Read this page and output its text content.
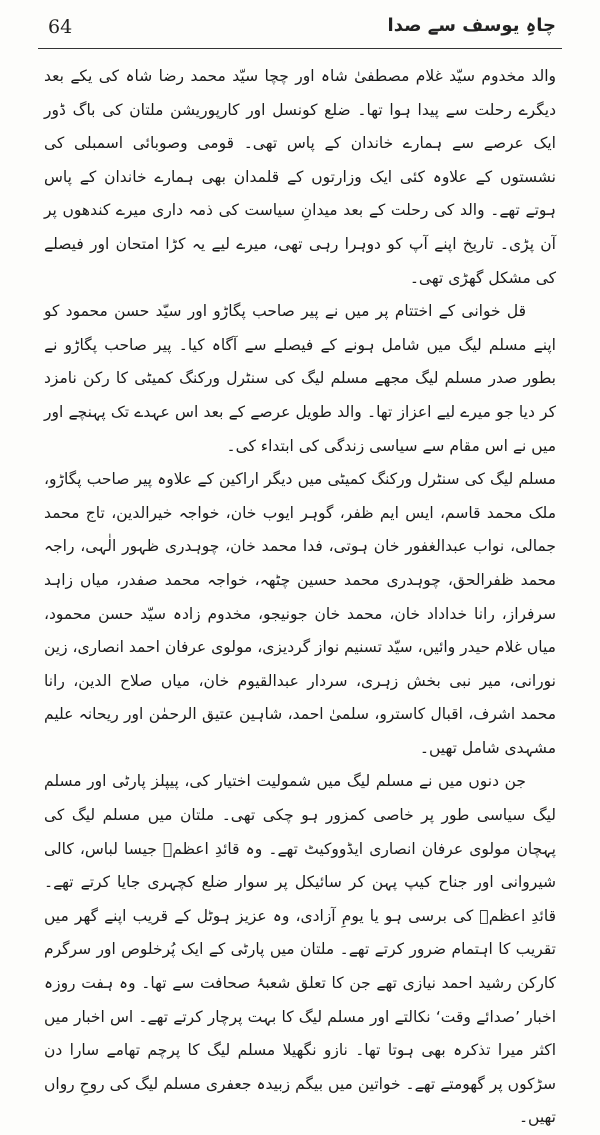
64	چاہِ یوسف سے صدا

والد مخدوم سیّد غلام مصطفیٰ شاہ اور چچا سیّد محمد رضا شاہ کی یکے بعد دیگرے رحلت سے پیدا ہوا تھا۔ ضلع کونسل اور کارپوریشن ملتان کی باگ ڈور ایک عرصے سے ہمارے خاندان کے پاس تھی۔ قومی وصوبائی اسمبلی کی نشستوں کے علاوہ کئی ایک وزارتوں کے قلمدان بھی ہمارے خاندان کے پاس ہوتے تھے۔ والد کی رحلت کے بعد میدانِ سیاست کی ذمہ داری میرے کندھوں پر آن پڑی۔ تاریخ اپنے آپ کو دوہرا رہی تھی، میرے لیے یہ کڑا امتحان اور فیصلے کی مشکل گھڑی تھی۔

قل خوانی کے اختتام پر میں نے پیر صاحب پگاڑو اور سیّد حسن محمود کو اپنے مسلم لیگ میں شامل ہونے کے فیصلے سے آگاہ کیا۔ پیر صاحب پگاڑو نے بطور صدر مسلم لیگ مجھے مسلم لیگ کی سنٹرل ورکنگ کمیٹی کا رکن نامزد کر دیا جو میرے لیے اعزاز تھا۔ والد طویل عرصے کے بعد اس عہدے تک پہنچے اور میں نے اس مقام سے سیاسی زندگی کی ابتداء کی۔

مسلم لیگ کی سنٹرل ورکنگ کمیٹی میں دیگر اراکین کے علاوہ پیر صاحب پگاڑو، ملک محمد قاسم، ایس ایم ظفر، گوہر ایوب خان، خواجہ خیرالدین، تاج محمد جمالی، نواب عبدالغفور خان ہوتی، فدا محمد خان، چوہدری ظہور الٰہی، راجہ محمد ظفرالحق، چوہدری محمد حسین چٹھہ، خواجہ محمد صفدر، میاں زاہد سرفراز، رانا خداداد خان، محمد خان جونیجو، مخدوم زادہ سیّد حسن محمود، میاں غلام حیدر وائیں، سیّد تسنیم نواز گردیزی، مولوی عرفان احمد انصاری، زین نورانی، میر نبی بخش زہری، سردار عبدالقیوم خان، میاں صلاح الدین، رانا محمد اشرف، اقبال کاسترو، سلمیٰ احمد، شاہین عتیق الرحمٰن اور ریحانہ علیم مشہدی شامل تھیں۔

جن دنوں میں نے مسلم لیگ میں شمولیت اختیار کی، پیپلز پارٹی اور مسلم لیگ سیاسی طور پر خاصی کمزور ہو چکی تھی۔ ملتان میں مسلم لیگ کی پہچان مولوی عرفان انصاری ایڈووکیٹ تھے۔ وہ قائدِ اعظمؒ جیسا لباس، کالی شیروانی اور جناح کیپ پہن کر سائیکل پر سوار ضلع کچہری جایا کرتے تھے۔ قائدِ اعظمؒ کی برسی ہو یا یومِ آزادی، وہ عزیز ہوٹل کے قریب اپنے گھر میں تقریب کا اہتمام ضرور کرتے تھے۔ ملتان میں پارٹی کے ایک پُرخلوص اور سرگرم کارکن رشید احمد نیازی تھے جن کا تعلق شعبۂ صحافت سے تھا۔ وہ ہفت روزہ اخبار ’صدائے وقت‘ نکالتے اور مسلم لیگ کا بہت پرچار کرتے تھے۔ اس اخبار میں اکثر میرا تذکرہ بھی ہوتا تھا۔ نازو نگھیلا مسلم لیگ کا پرچم تھامے سارا دن سڑکوں پر گھومتے تھے۔ خواتین میں بیگم زبیدہ جعفری مسلم لیگ کی روحِ رواں تھیں۔
